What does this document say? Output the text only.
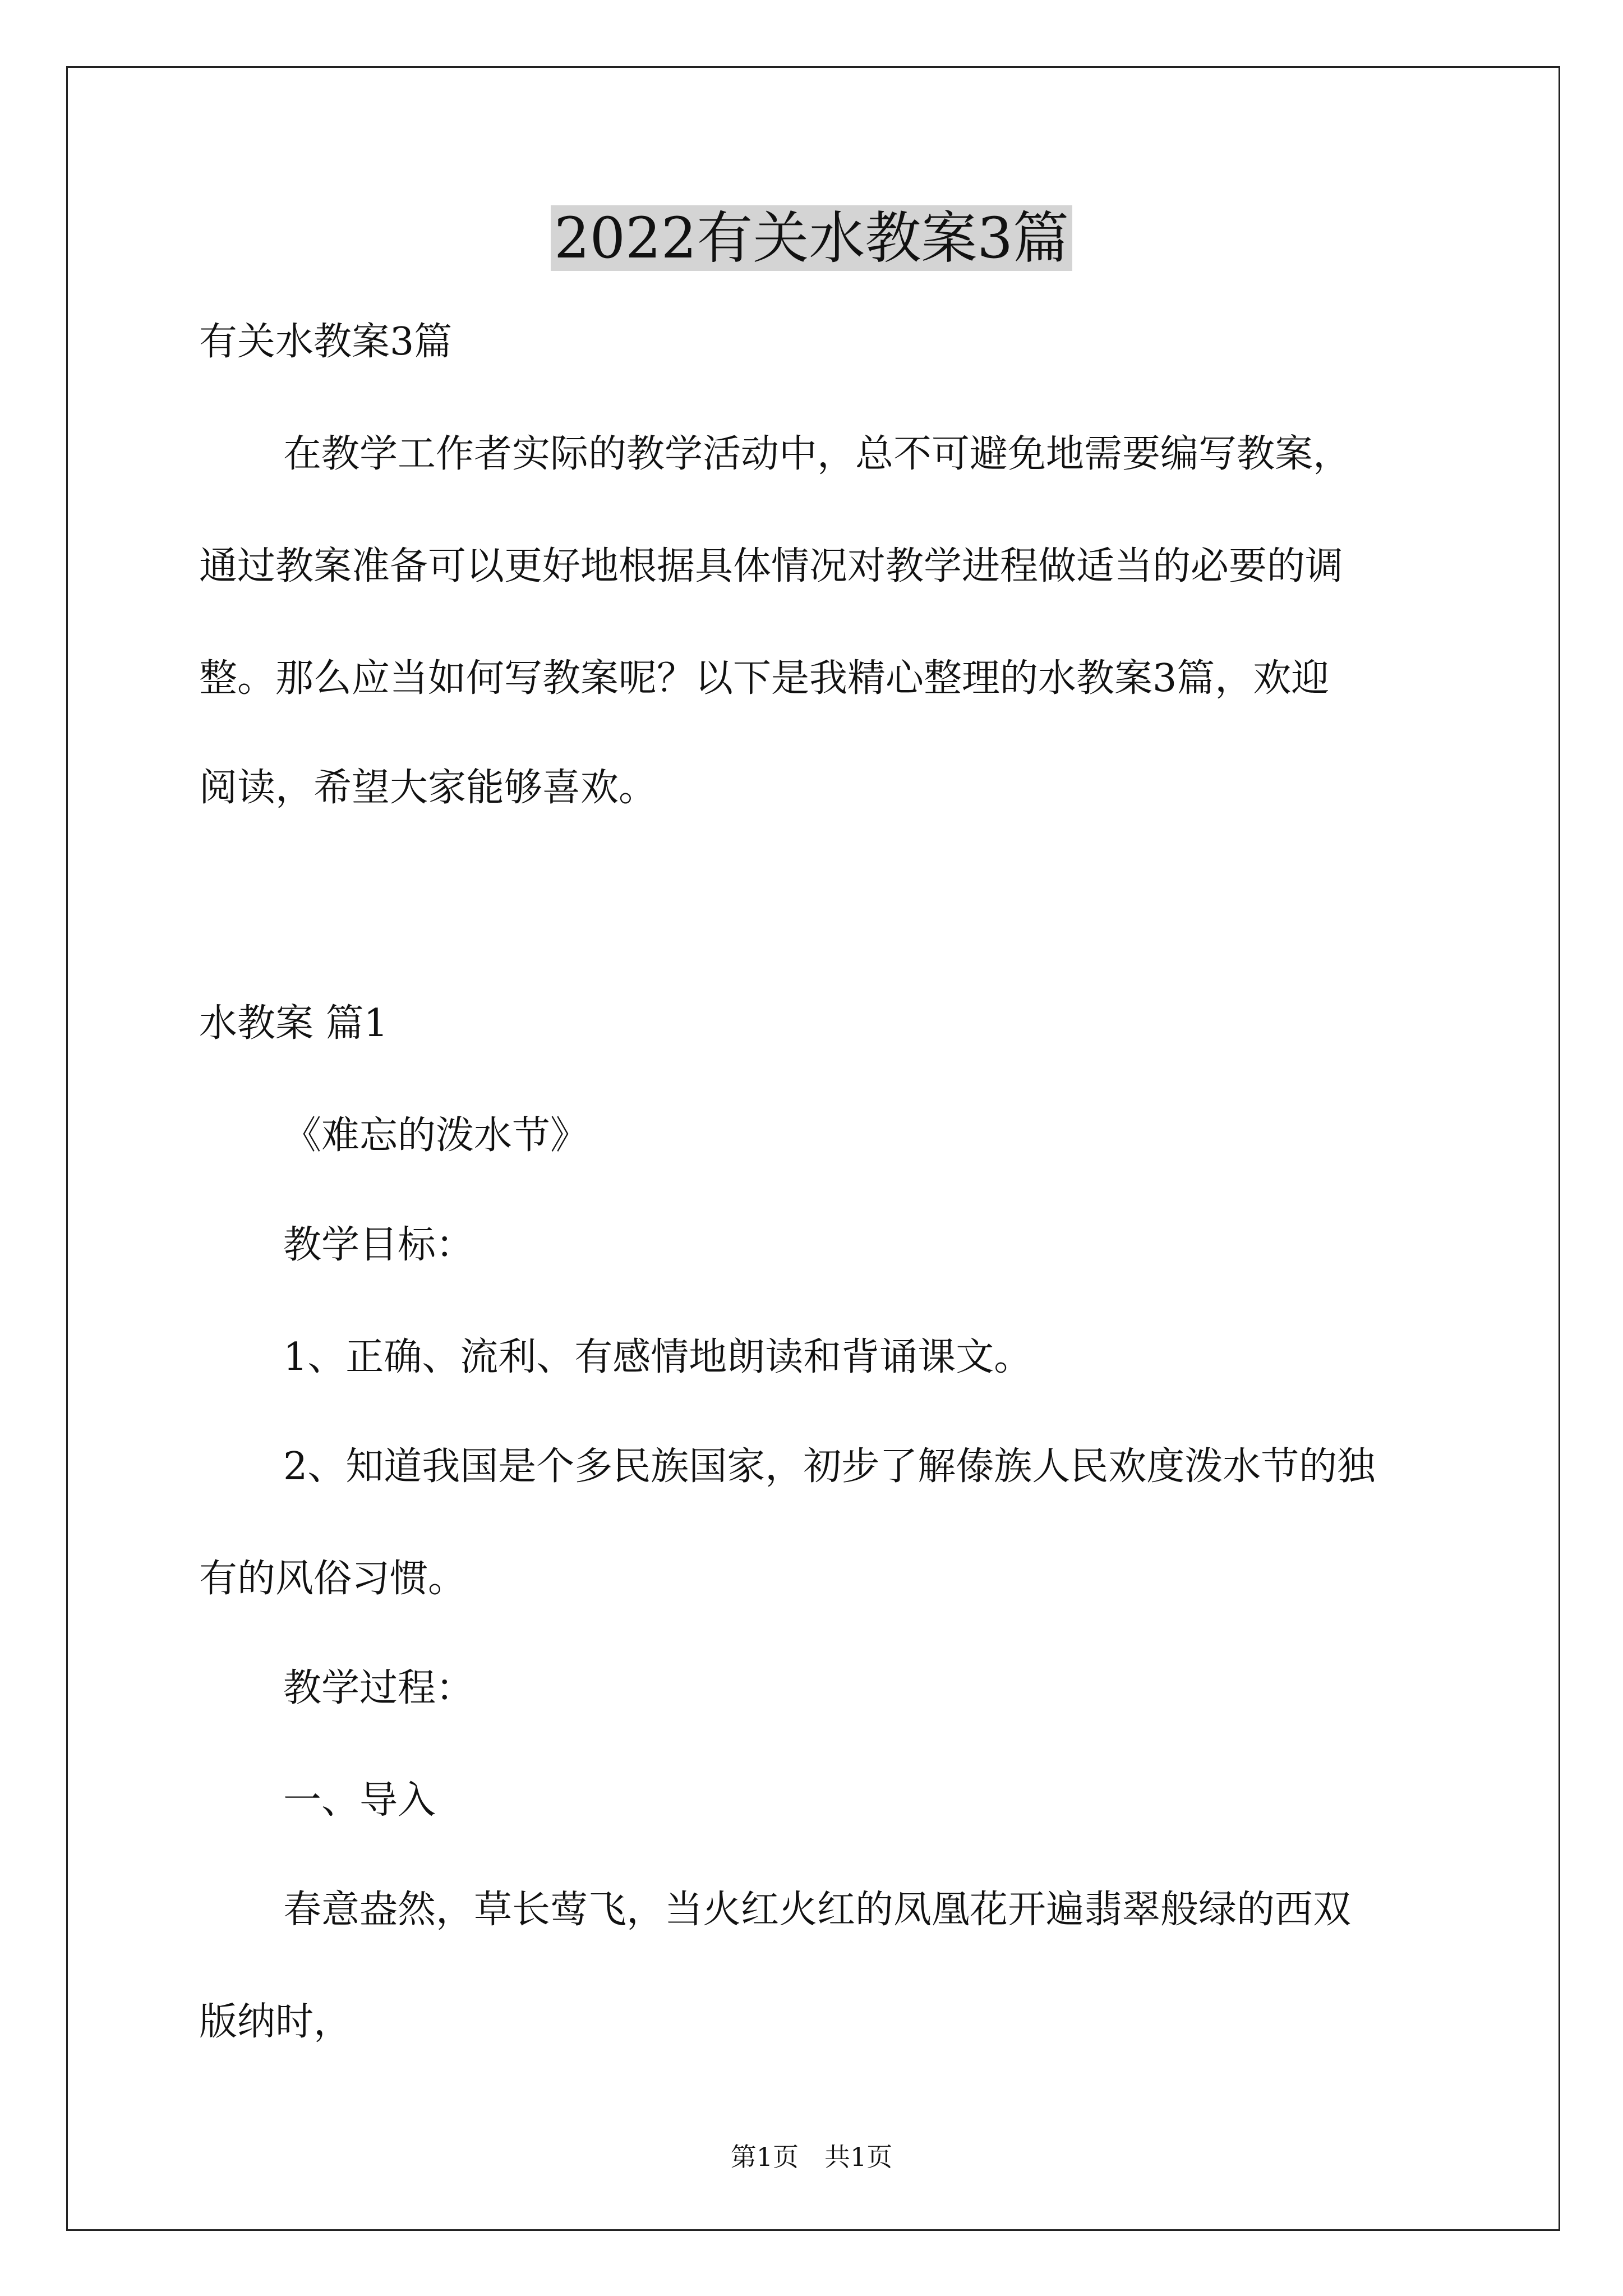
2022有关水教案3篇
有关水教案3篇
在教学工作者实际的教学活动中，总不可避免地需要编写教案，
通过教案准备可以更好地根据具体情况对教学进程做适当的必要的调
整。那么应当如何写教案呢？以下是我精心整理的水教案3篇，欢迎
阅读，希望大家能够喜欢。
水教案 篇1
《难忘的泼水节》
教学目标：
1、正确、流利、有感情地朗读和背诵课文。
2、知道我国是个多民族国家，初步了解傣族人民欢度泼水节的独
有的风俗习惯。
教学过程：
一、导入
春意盎然，草长莺飞，当火红火红的凤凰花开遍翡翠般绿的西双
版纳时，
第1页　共1页
